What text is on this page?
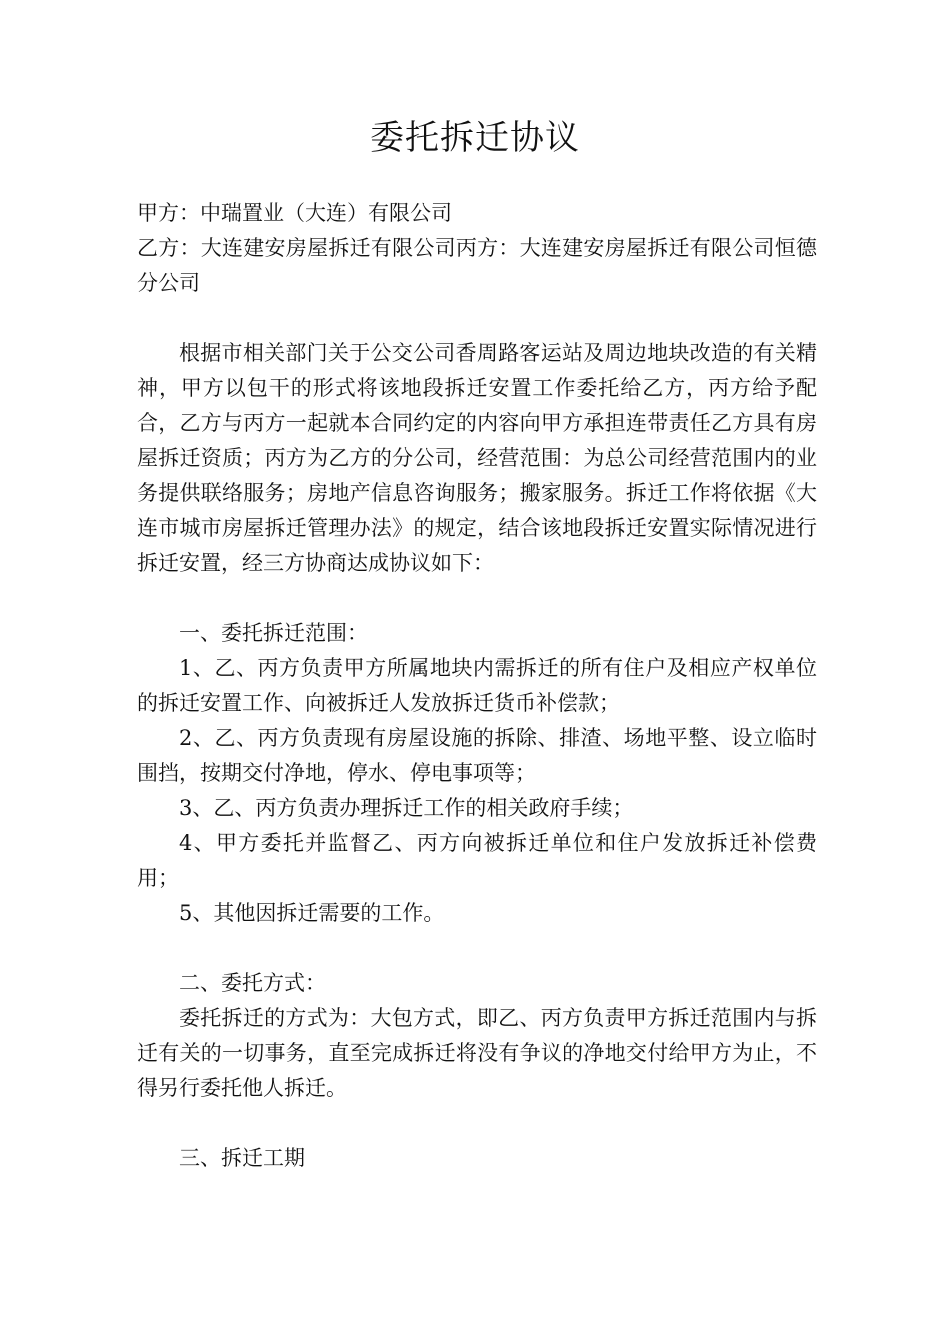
委托拆迁协议

甲方：中瑞置业（大连）有限公司

乙方：大连建安房屋拆迁有限公司丙方：大连建安房屋拆迁有限公司恒德分公司

根据市相关部门关于公交公司香周路客运站及周边地块改造的有关精神，甲方以包干的形式将该地段拆迁安置工作委托给乙方，丙方给予配合，乙方与丙方一起就本合同约定的内容向甲方承担连带责任乙方具有房屋拆迁资质；丙方为乙方的分公司，经营范围：为总公司经营范围内的业务提供联络服务；房地产信息咨询服务；搬家服务。拆迁工作将依据《大连市城市房屋拆迁管理办法》的规定，结合该地段拆迁安置实际情况进行拆迁安置，经三方协商达成协议如下：

一、委托拆迁范围：

1、乙、丙方负责甲方所属地块内需拆迁的所有住户及相应产权单位的拆迁安置工作、向被拆迁人发放拆迁货币补偿款；

2、乙、丙方负责现有房屋设施的拆除、排渣、场地平整、设立临时围挡，按期交付净地，停水、停电事项等；

3、乙、丙方负责办理拆迁工作的相关政府手续；

4、甲方委托并监督乙、丙方向被拆迁单位和住户发放拆迁补偿费用；

5、其他因拆迁需要的工作。

二、委托方式：

委托拆迁的方式为：大包方式，即乙、丙方负责甲方拆迁范围内与拆迁有关的一切事务，直至完成拆迁将没有争议的净地交付给甲方为止，不得另行委托他人拆迁。

三、拆迁工期
